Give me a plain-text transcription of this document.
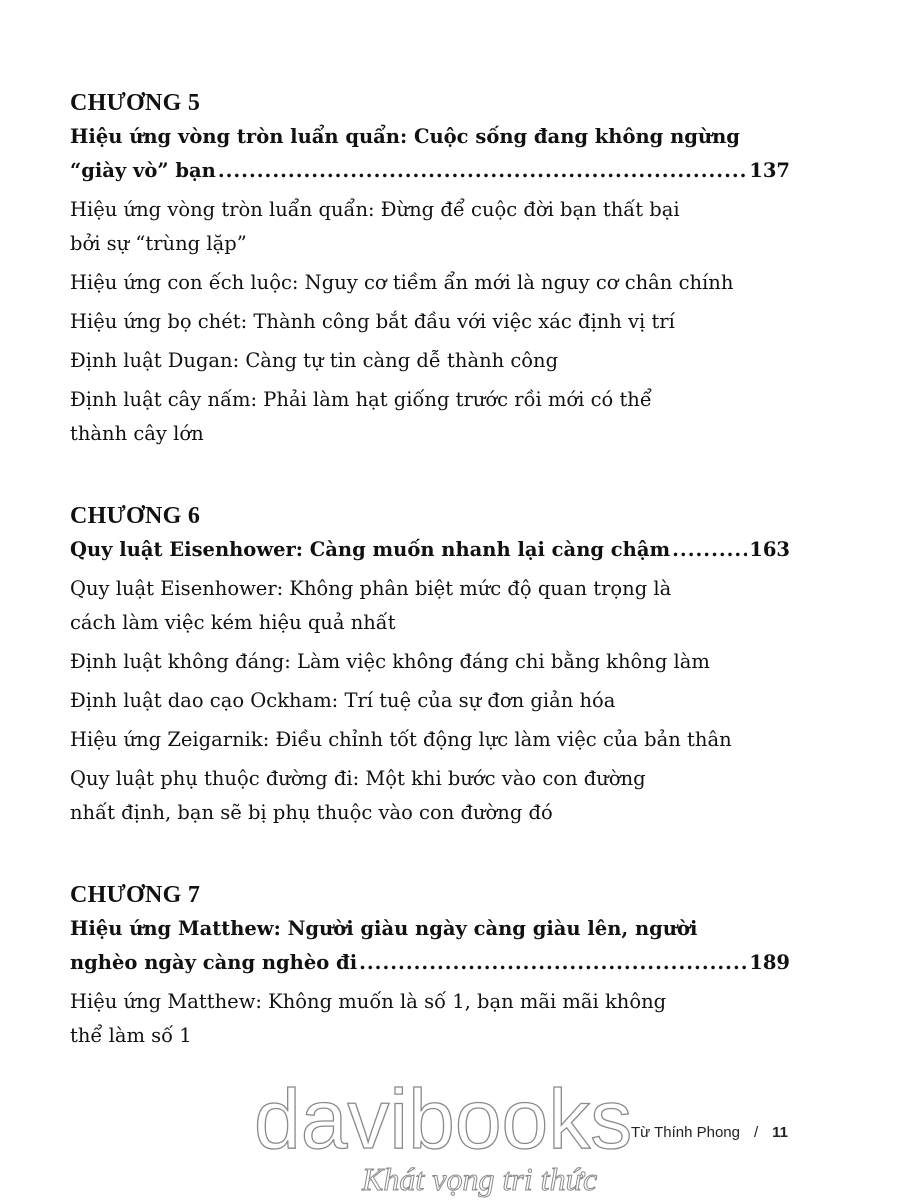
CHƯƠNG 5

Hiệu ứng vòng tròn luẩn quẩn: Cuộc sống đang không ngừng
“giày vò” bạn .....	137
Hiệu ứng vòng tròn luẩn quẩn: Đừng để cuộc đời bạn thất bại
bởi sự “trùng lặp”
Hiệu ứng con ếch luộc: Nguy cơ tiềm ẩn mới là nguy cơ chân chính
Hiệu ứng bọ chét: Thành công bắt đầu với việc xác định vị trí
Định luật Dugan: Càng tự tin càng dễ thành công
Định luật cây nấm: Phải làm hạt giống trước rồi mới có thể
thành cây lớn

CHƯƠNG 6

Quy luật Eisenhower: Càng muốn nhanh lại càng chậm .....	163
Quy luật Eisenhower: Không phân biệt mức độ quan trọng là
cách làm việc kém hiệu quả nhất
Định luật không đáng: Làm việc không đáng chi bằng không làm
Định luật dao cạo Ockham: Trí tuệ của sự đơn giản hóa
Hiệu ứng Zeigarnik: Điều chỉnh tốt động lực làm việc của bản thân
Quy luật phụ thuộc đường đi: Một khi bước vào con đường
nhất định, bạn sẽ bị phụ thuộc vào con đường đó

CHƯƠNG 7

Hiệu ứng Matthew: Người giàu ngày càng giàu lên, người
nghèo ngày càng nghèo đi .....	189
Hiệu ứng Matthew: Không muốn là số 1, bạn mãi mãi không
thể làm số 1
davibooks
Khát vọng tri thức
Từ Thính Phong / 11
